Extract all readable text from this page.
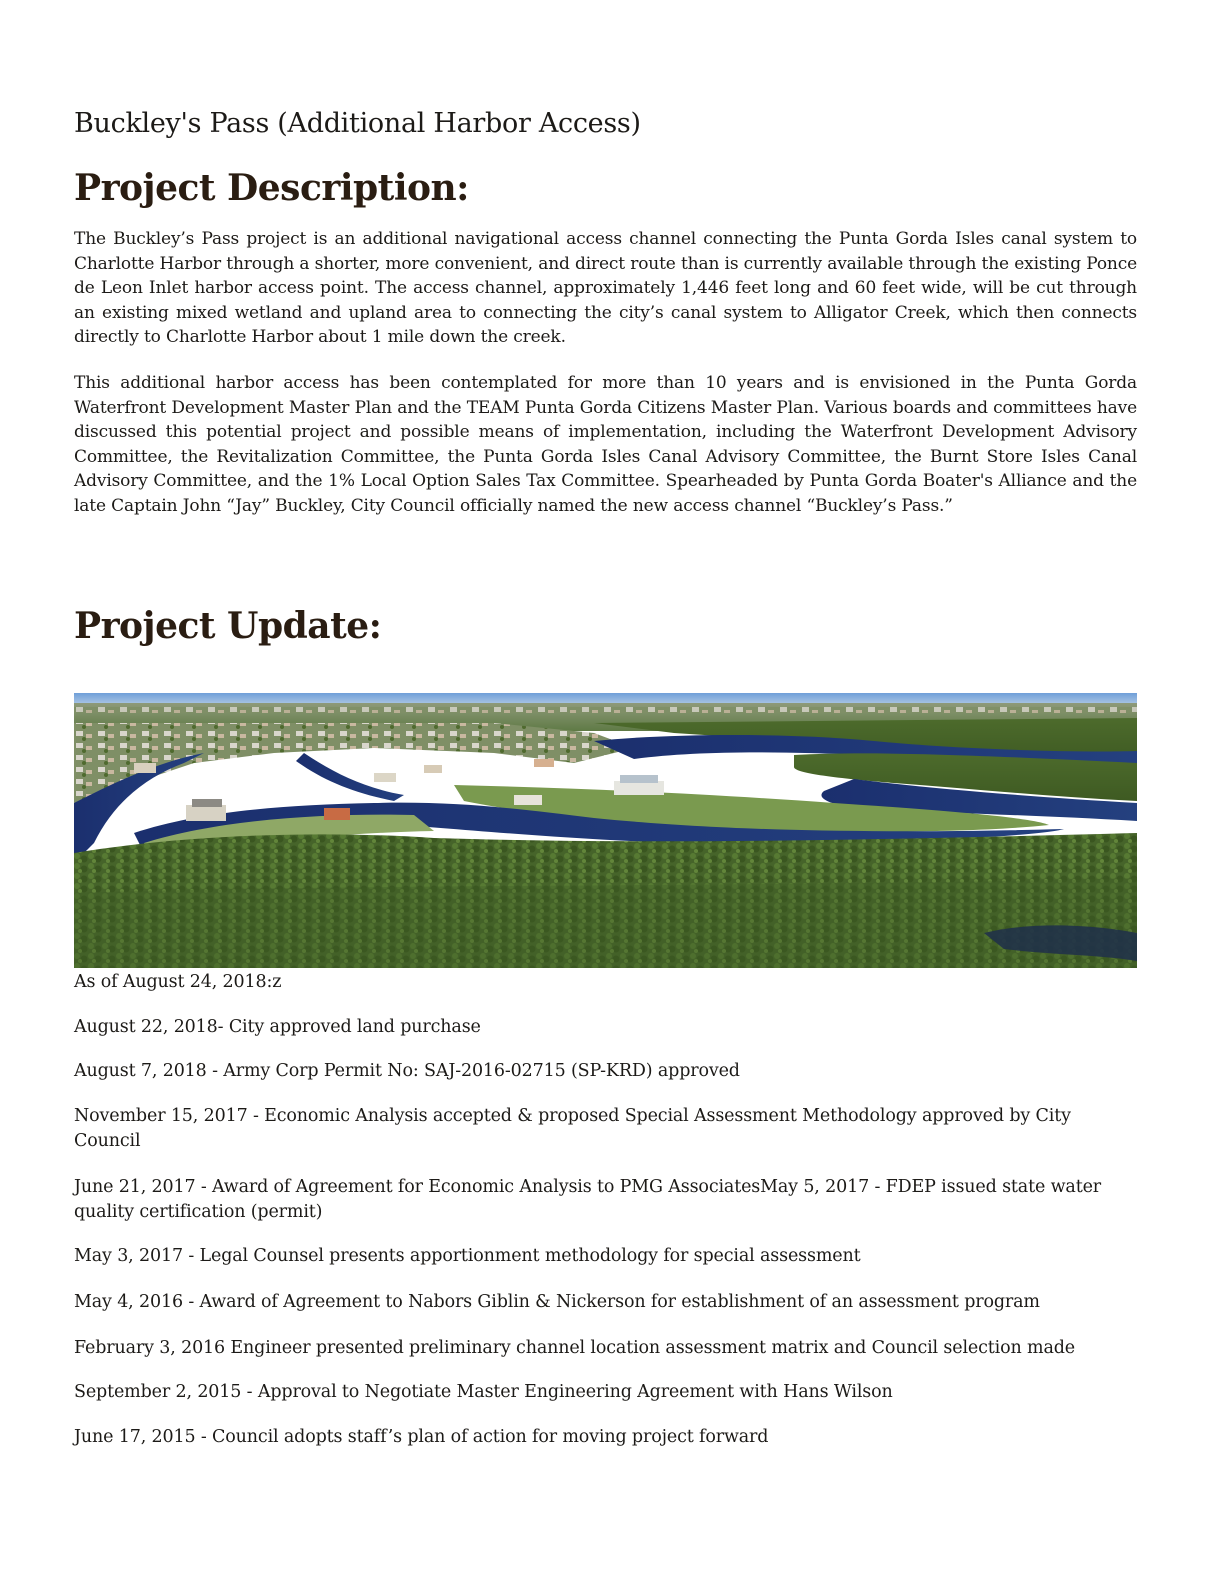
Buckley's Pass (Additional Harbor Access)
Project Description:

The Buckley’s Pass project is an additional navigational access channel connecting the Punta Gorda Isles canal system to Charlotte Harbor through a shorter, more convenient, and direct route than is currently available through the existing Ponce de Leon Inlet harbor access point. The access channel, approximately 1,446 feet long and 60 feet wide, will be cut through an existing mixed wetland and upland area to connecting the city’s canal system to Alligator Creek, which then connects directly to Charlotte Harbor about 1 mile down the creek.

This additional harbor access has been contemplated for more than 10 years and is envisioned in the Punta Gorda Waterfront Development Master Plan and the TEAM Punta Gorda Citizens Master Plan. Various boards and committees have discussed this potential project and possible means of implementation, including the Waterfront Development Advisory Committee, the Revitalization Committee, the Punta Gorda Isles Canal Advisory Committee, the Burnt Store Isles Canal Advisory Committee, and the 1% Local Option Sales Tax Committee. Spearheaded by Punta Gorda Boater's Alliance and the late Captain John “Jay” Buckley, City Council officially named the new access channel “Buckley’s Pass.”

Project Update:

As of August 24, 2018:z

August 22, 2018- City approved land purchase

August 7, 2018 - Army Corp Permit No: SAJ-2016-02715 (SP-KRD) approved

November 15, 2017 - Economic Analysis accepted & proposed Special Assessment Methodology approved by City Council

June 21, 2017 - Award of Agreement for Economic Analysis to PMG AssociatesMay 5, 2017 - FDEP issued state water quality certification (permit)

May 3, 2017 - Legal Counsel presents apportionment methodology for special assessment

May 4, 2016 - Award of Agreement to Nabors Giblin & Nickerson for establishment of an assessment program

February 3, 2016 Engineer presented preliminary channel location assessment matrix and Council selection made

September 2, 2015 - Approval to Negotiate Master Engineering Agreement with Hans Wilson

June 17, 2015 - Council adopts staff’s plan of action for moving project forward
